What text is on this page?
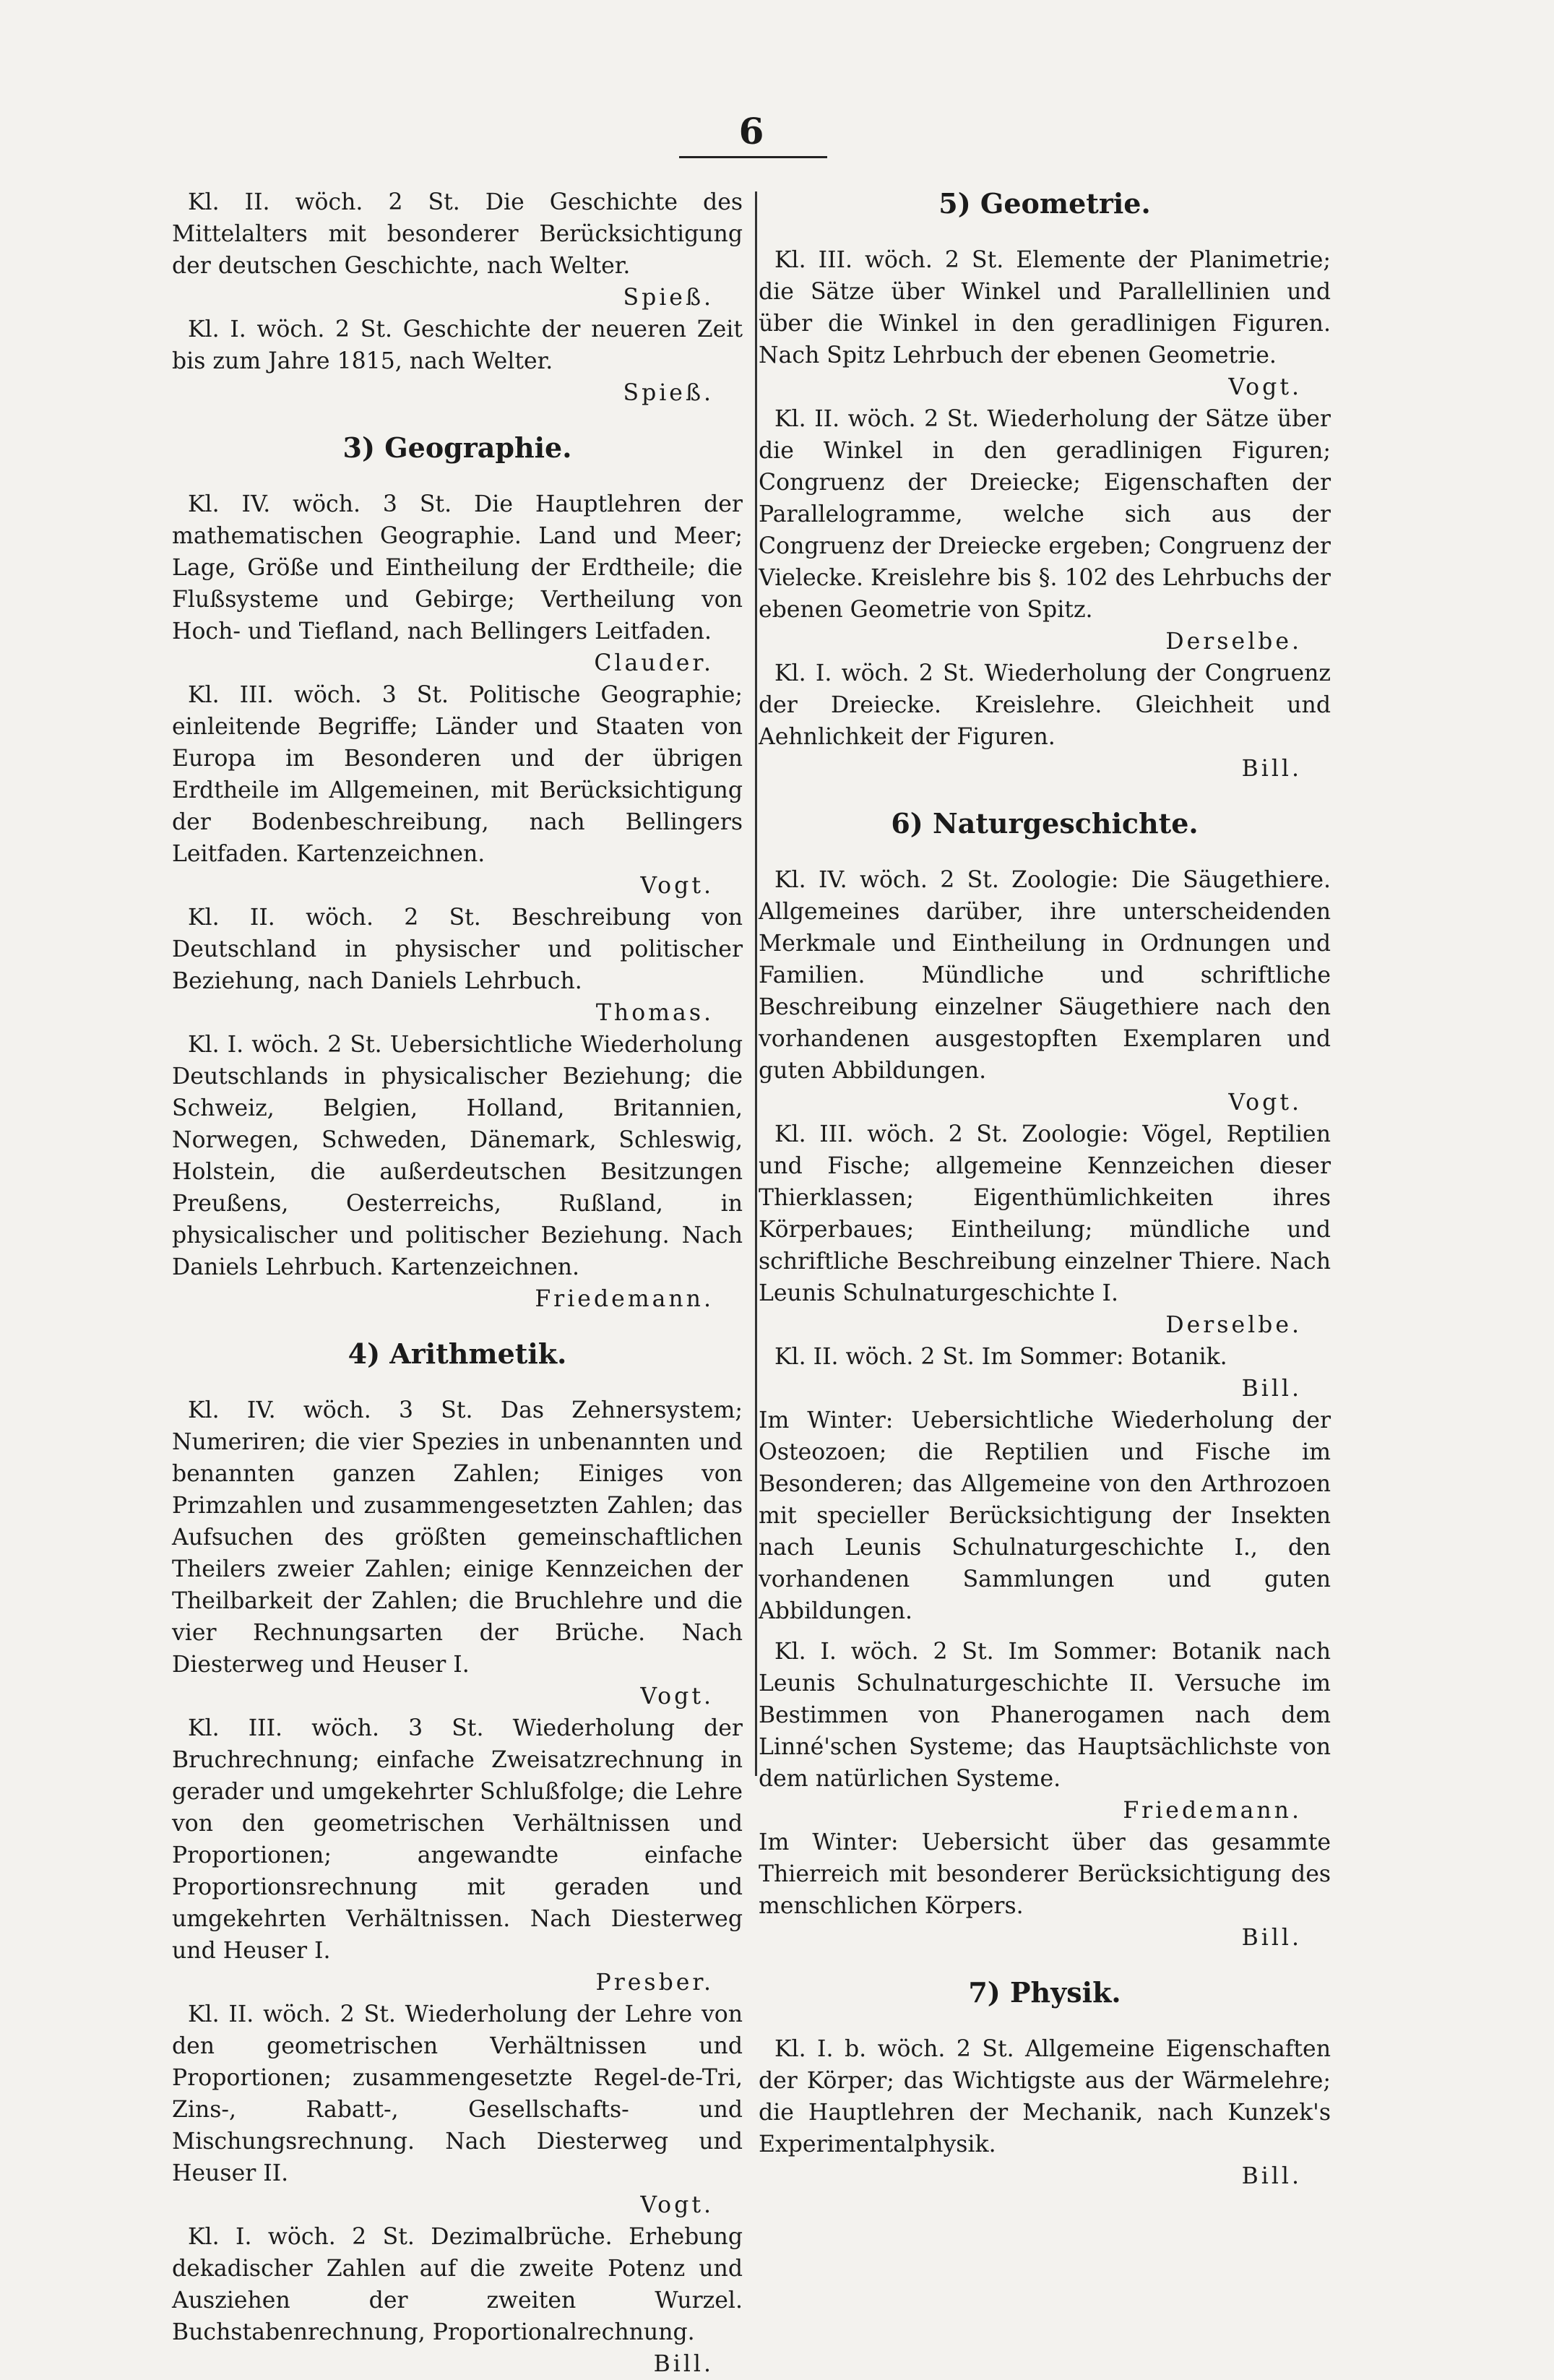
6

Kl. II. wöch. 2 St. Die Geschichte des Mittelalters mit besonderer Berücksichtigung der deutschen Geschichte, nach Welter.

Spieß.

Kl. I. wöch. 2 St. Geschichte der neueren Zeit bis zum Jahre 1815, nach Welter.

Spieß.

3) Geographie.

Kl. IV. wöch. 3 St. Die Hauptlehren der mathematischen Geographie. Land und Meer; Lage, Größe und Eintheilung der Erdtheile; die Flußsysteme und Gebirge; Vertheilung von Hoch- und Tiefland, nach Bellingers Leitfaden.

Clauder.

Kl. III. wöch. 3 St. Politische Geographie; einleitende Begriffe; Länder und Staaten von Europa im Besonderen und der übrigen Erdtheile im Allgemeinen, mit Berücksichtigung der Bodenbeschreibung, nach Bellingers Leitfaden. Kartenzeichnen.

Vogt.

Kl. II. wöch. 2 St. Beschreibung von Deutschland in physischer und politischer Beziehung, nach Daniels Lehrbuch.

Thomas.

Kl. I. wöch. 2 St. Uebersichtliche Wiederholung Deutschlands in physicalischer Beziehung; die Schweiz, Belgien, Holland, Britannien, Norwegen, Schweden, Dänemark, Schleswig, Holstein, die außerdeutschen Besitzungen Preußens, Oesterreichs, Rußland, in physicalischer und politischer Beziehung. Nach Daniels Lehrbuch. Kartenzeichnen.

Friedemann.

4) Arithmetik.

Kl. IV. wöch. 3 St. Das Zehnersystem; Numeriren; die vier Spezies in unbenannten und benannten ganzen Zahlen; Einiges von Primzahlen und zusammengesetzten Zahlen; das Aufsuchen des größten gemeinschaftlichen Theilers zweier Zahlen; einige Kennzeichen der Theilbarkeit der Zahlen; die Bruchlehre und die vier Rechnungsarten der Brüche. Nach Diesterweg und Heuser I.

Vogt.

Kl. III. wöch. 3 St. Wiederholung der Bruchrechnung; einfache Zweisatzrechnung in gerader und umgekehrter Schlußfolge; die Lehre von den geometrischen Verhältnissen und Proportionen; angewandte einfache Proportionsrechnung mit geraden und umgekehrten Verhältnissen. Nach Diesterweg und Heuser I.

Presber.

Kl. II. wöch. 2 St. Wiederholung der Lehre von den geometrischen Verhältnissen und Proportionen; zusammengesetzte Regel-de-Tri, Zins-, Rabatt-, Gesellschafts- und Mischungsrechnung. Nach Diesterweg und Heuser II.

Vogt.

Kl. I. wöch. 2 St. Dezimalbrüche. Erhebung dekadischer Zahlen auf die zweite Potenz und Ausziehen der zweiten Wurzel. Buchstabenrechnung, Proportionalrechnung.

Bill.

5) Geometrie.

Kl. III. wöch. 2 St. Elemente der Planimetrie; die Sätze über Winkel und Parallellinien und über die Winkel in den geradlinigen Figuren. Nach Spitz Lehrbuch der ebenen Geometrie.

Vogt.

Kl. II. wöch. 2 St. Wiederholung der Sätze über die Winkel in den geradlinigen Figuren; Congruenz der Dreiecke; Eigenschaften der Parallelogramme, welche sich aus der Congruenz der Dreiecke ergeben; Congruenz der Vielecke. Kreislehre bis §. 102 des Lehrbuchs der ebenen Geometrie von Spitz.

Derselbe.

Kl. I. wöch. 2 St. Wiederholung der Congruenz der Dreiecke. Kreislehre. Gleichheit und Aehnlichkeit der Figuren.

Bill.

6) Naturgeschichte.

Kl. IV. wöch. 2 St. Zoologie: Die Säugethiere. Allgemeines darüber, ihre unterscheidenden Merkmale und Eintheilung in Ordnungen und Familien. Mündliche und schriftliche Beschreibung einzelner Säugethiere nach den vorhandenen ausgestopften Exemplaren und guten Abbildungen.

Vogt.

Kl. III. wöch. 2 St. Zoologie: Vögel, Reptilien und Fische; allgemeine Kennzeichen dieser Thierklassen; Eigenthümlichkeiten ihres Körperbaues; Eintheilung; mündliche und schriftliche Beschreibung einzelner Thiere. Nach Leunis Schulnaturgeschichte I.

Derselbe.

Kl. II. wöch. 2 St. Im Sommer: Botanik.

Bill.

Im Winter: Uebersichtliche Wiederholung der Osteozoen; die Reptilien und Fische im Besonderen; das Allgemeine von den Arthrozoen mit specieller Berücksichtigung der Insekten nach Leunis Schulnaturgeschichte I., den vorhandenen Sammlungen und guten Abbildungen.

Kl. I. wöch. 2 St. Im Sommer: Botanik nach Leunis Schulnaturgeschichte II. Versuche im Bestimmen von Phanerogamen nach dem Linné'schen Systeme; das Hauptsächlichste von dem natürlichen Systeme.

Friedemann.

Im Winter: Uebersicht über das gesammte Thierreich mit besonderer Berücksichtigung des menschlichen Körpers.

Bill.

7) Physik.

Kl. I. b. wöch. 2 St. Allgemeine Eigenschaften der Körper; das Wichtigste aus der Wärmelehre; die Hauptlehren der Mechanik, nach Kunzek's Experimentalphysik.

Bill.
